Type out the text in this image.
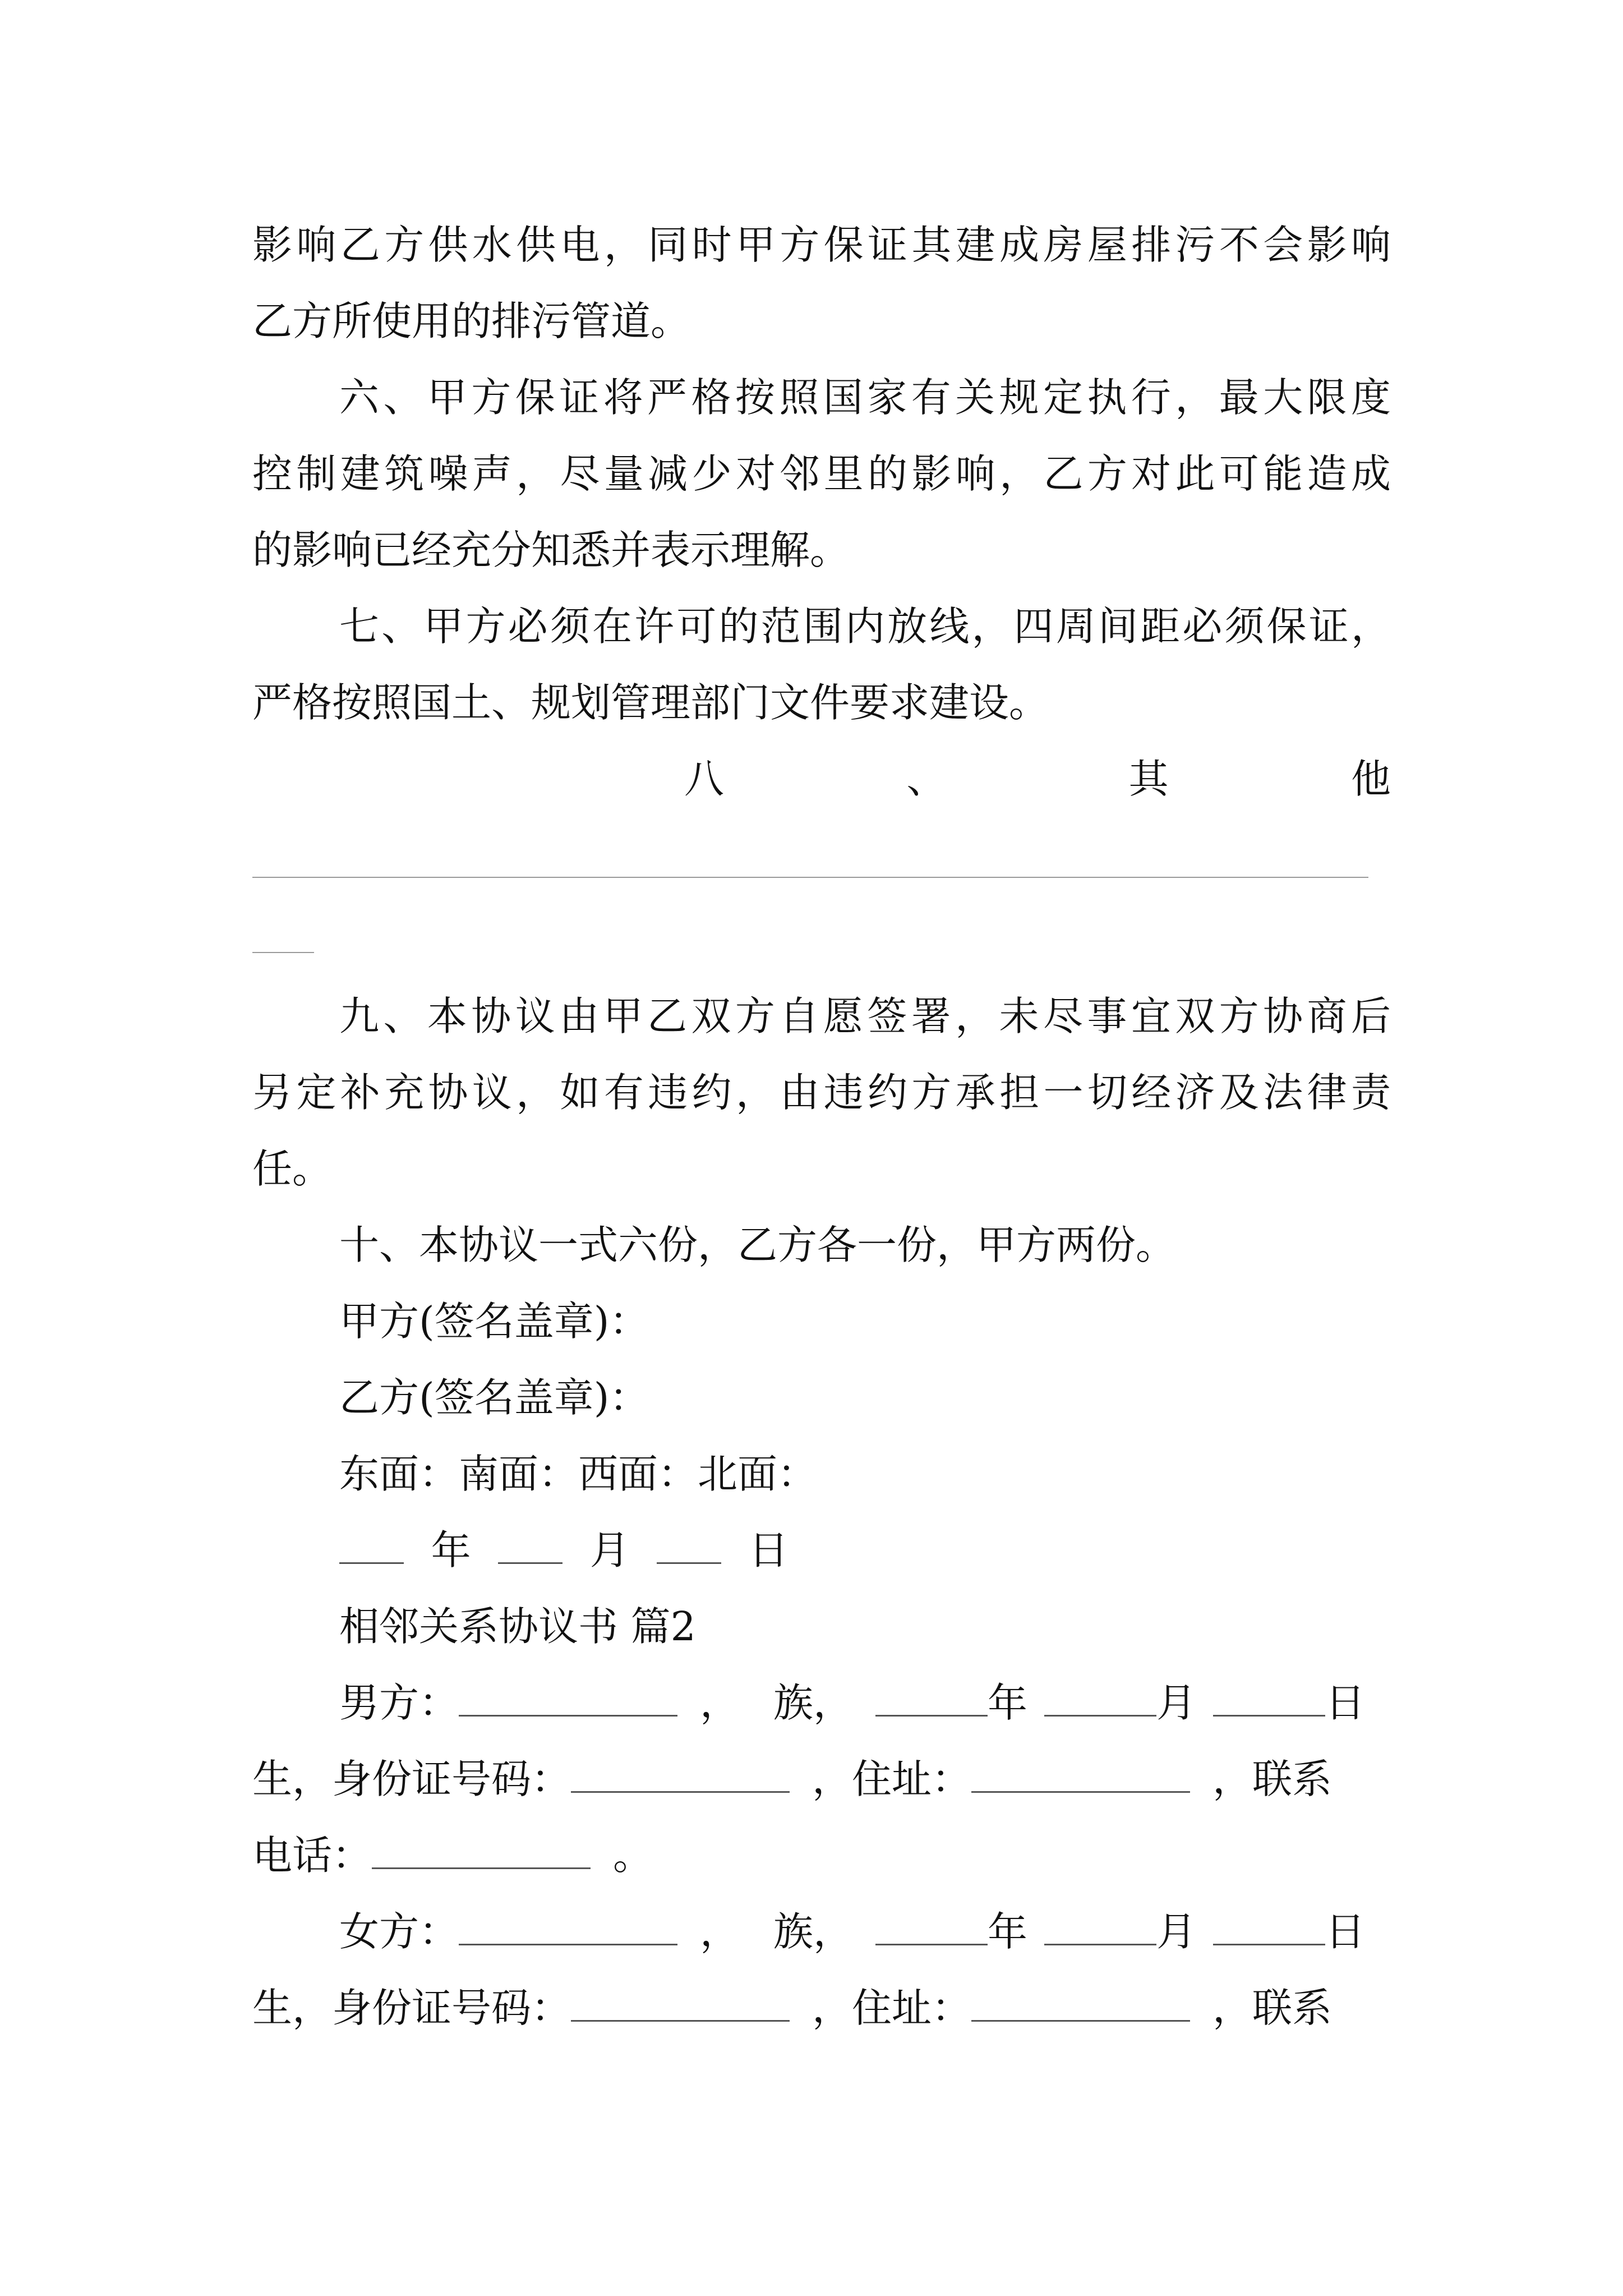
影响乙方供水供电，同时甲方保证其建成房屋排污不会影响
乙方所使用的排污管道。
六、甲方保证将严格按照国家有关规定执行，最大限度
控制建筑噪声，尽量减少对邻里的影响，乙方对此可能造成
的影响已经充分知悉并表示理解。
七、甲方必须在许可的范围内放线，四周间距必须保证，
严格按照国土、规划管理部门文件要求建设。
八	、	其	他
九、本协议由甲乙双方自愿签署，未尽事宜双方协商后
另定补充协议，如有违约，由违约方承担一切经济及法律责
任。
十、本协议一式六份，乙方各一份，甲方两份。
甲方(签名盖章)：
乙方(签名盖章)：
东面：南面：西面：北面：
年	月	日
相邻关系协议书 篇2
男方：	， 族，	年	月	日
生，身份证号码：	，住址：	，联系
电话：	。
女方：	， 族，	年	月	日
生，身份证号码：	，住址：	，联系
